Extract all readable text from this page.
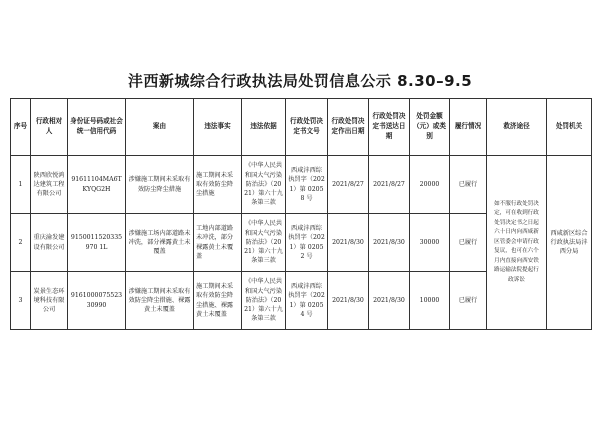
沣西新城综合行政执法局处罚信息公示 8.30–9.5
序号	行政相对人	身份证号码或社会统一信用代码	案由	违法事实	违法依据	行政处罚决定书文号	行政处罚决定作出日期	行政处罚决定书送达日期	处罚金额（元）或类别	履行情况	救济途径	处罚机关
1	陕西欣悦鸿达建筑工程有限公司	91611104MA6TKYQG2H	涉嫌施工期间未采取有效防尘降尘措施	施工期间未采取有效防尘降尘措施	《中华人民共和国大气污染防治法》（2021）第六十九条第三款	西咸沣西综执罚字（2021）第 02058 号	2021/8/27	2021/8/27	20000	已履行	如不服行政处罚决定，可在收到行政处罚决定书之日起六十日内向西咸新区管委会申请行政复议，也可在六个月内直接向西安铁路运输法院提起行政诉讼	西咸新区综合行政执法局沣西分局
2	重庆渝发建设有限公司	9150011520335970 1L	涉嫌施工场内部道路未冲洗，部分裸露黄土未覆盖	工地内部道路未冲洗，部分裸露黄土未覆盖	《中华人民共和国大气污染防治法》（2021）第六十九条第三款	西咸沣西综执罚字（2021）第 02052 号	2021/8/30	2021/8/30	30000	已履行		
3	炭景生态环境科技有限公司	9161000075523 30990	涉嫌施工期间未采取有效防尘降尘措施、裸露黄土未覆盖	施工期间未采取有效防尘降尘措施、裸露黄土未覆盖	《中华人民共和国大气污染防治法》（2021）第六十九条第三款	西咸沣西综执罚字（2021）第 02054 号	2021/8/30	2021/8/30	10000	已履行		
